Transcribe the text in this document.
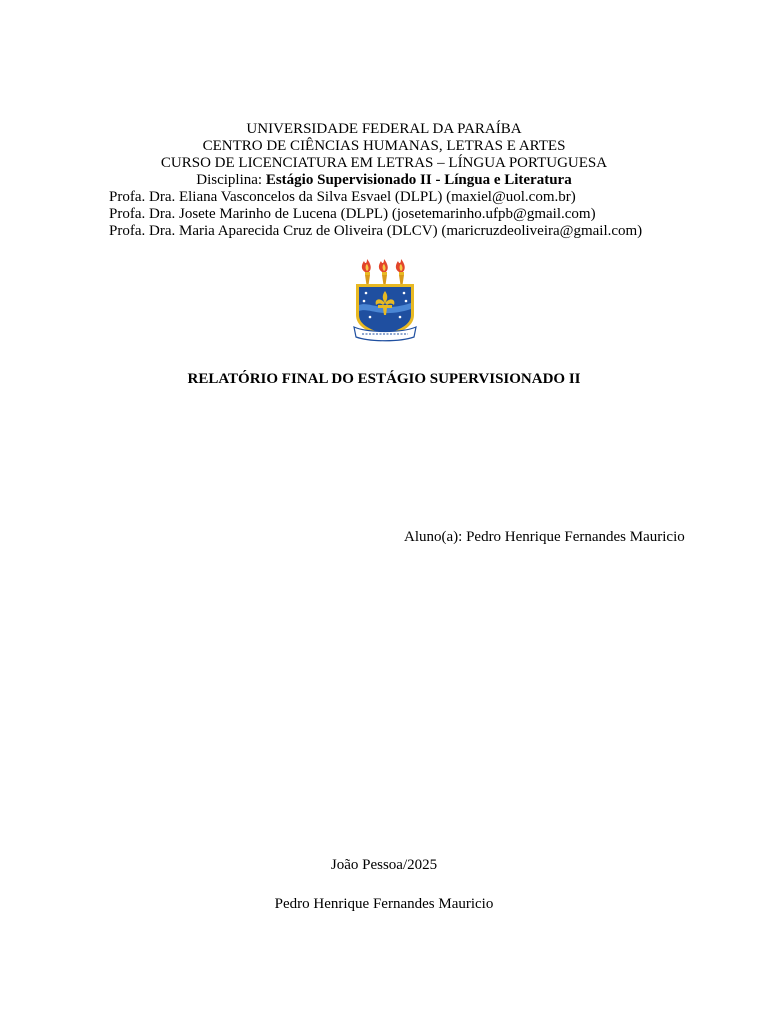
UNIVERSIDADE FEDERAL DA PARAÍBA
CENTRO DE CIÊNCIAS HUMANAS, LETRAS E ARTES
CURSO DE LICENCIATURA EM LETRAS – LÍNGUA PORTUGUESA
Disciplina: Estágio Supervisionado II - Língua e Literatura
Profa. Dra. Eliana Vasconcelos da Silva Esvael (DLPL) (maxiel@uol.com.br)
Profa. Dra. Josete Marinho de Lucena (DLPL) (josetemarinho.ufpb@gmail.com)
Profa. Dra. Maria Aparecida Cruz de Oliveira (DLCV) (maricruzdeoliveira@gmail.com)
RELATÓRIO FINAL DO ESTÁGIO SUPERVISIONADO II
Aluno(a): Pedro Henrique Fernandes Mauricio
João Pessoa/2025
Pedro Henrique Fernandes Mauricio
